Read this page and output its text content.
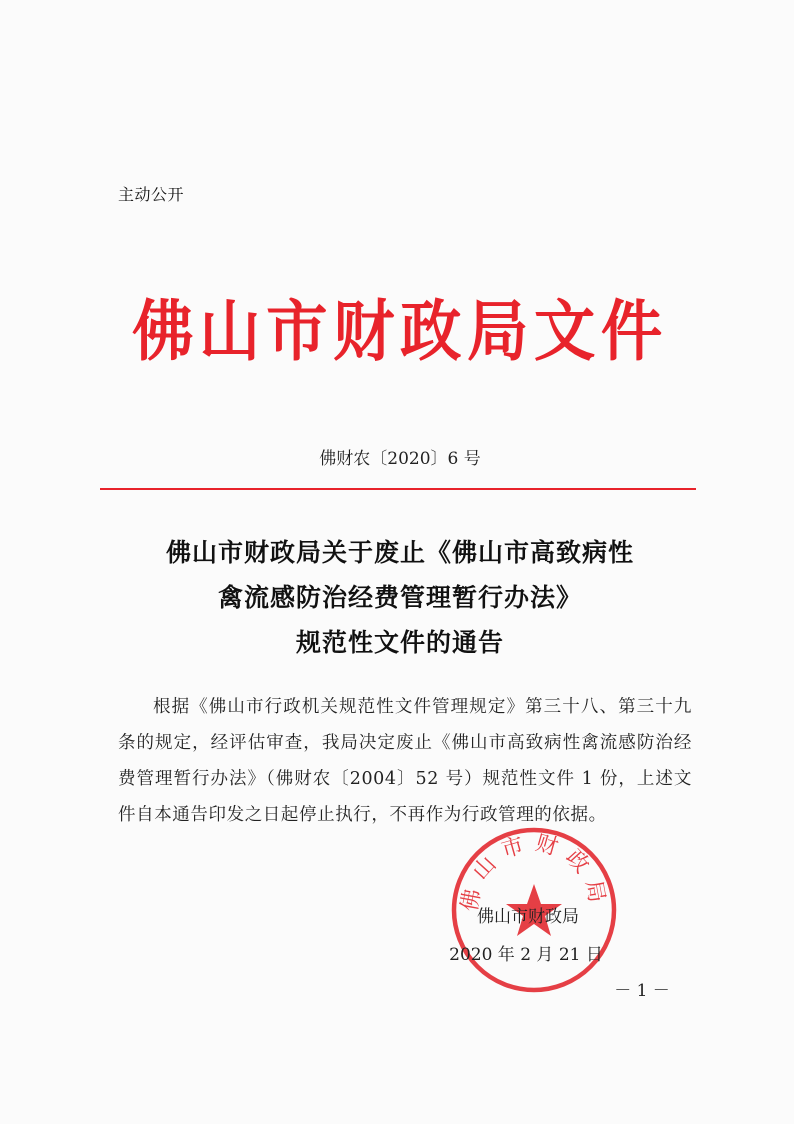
主动公开
佛山市财政局文件
佛财农〔2020〕6 号
佛山市财政局关于废止《佛山市高致病性
禽流感防治经费管理暂行办法》
规范性文件的通告

根据《佛山市行政机关规范性文件管理规定》第三十八、第三十九条的规定，经评估审查，我局决定废止《佛山市高致病性禽流感防治经费管理暂行办法》（佛财农〔2004〕52 号）规范性文件 1 份，上述文件自本通告印发之日起停止执行，不再作为行政管理的依据。

佛山市财政局
佛山市财政局
2020 年 2 月 21 日
－ 1 －
